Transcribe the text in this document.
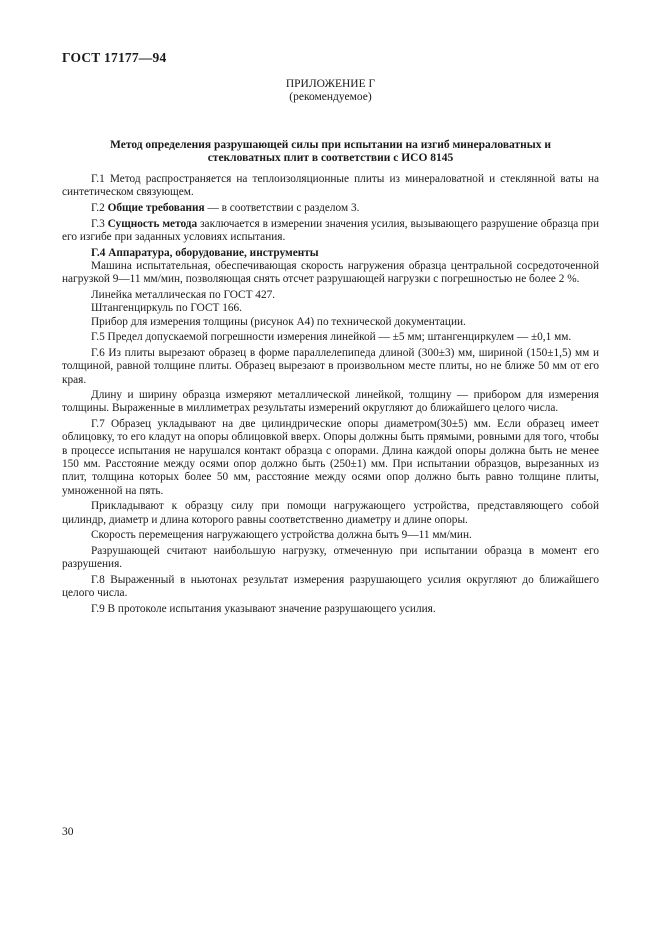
ГОСТ 17177—94
ПРИЛОЖЕНИЕ Г
(рекомендуемое)
Метод определения разрушающей силы при испытании на изгиб минераловатных и стекловатных плит в соответствии с ИСО 8145

Г.1 Метод распространяется на теплоизоляционные плиты из минераловатной и стеклянной ваты на синтетическом связующем.

Г.2 Общие требования — в соответствии с разделом 3.

Г.3 Сущность метода заключается в измерении значения усилия, вызывающего разрушение образца при его изгибе при заданных условиях испытания.

Г.4 Аппаратура, оборудование, инструменты

Машина испытательная, обеспечивающая скорость нагружения образца центральной сосредоточенной нагрузкой 9—11 мм/мин, позволяющая снять отсчет разрушающей нагрузки с погрешностью не более 2 %.

Линейка металлическая по ГОСТ 427.

Штангенциркуль по ГОСТ 166.

Прибор для измерения толщины (рисунок А4) по технической документации.

Г.5 Предел допускаемой погрешности измерения линейкой — ±5 мм; штангенциркулем — ±0,1 мм.

Г.6 Из плиты вырезают образец в форме параллелепипеда длиной (300±3) мм, шириной (150±1,5) мм и толщиной, равной толщине плиты. Образец вырезают в произвольном месте плиты, но не ближе 50 мм от его края.

Длину и ширину образца измеряют металлической линейкой, толщину — прибором для измерения толщины. Выраженные в миллиметрах результаты измерений округляют до ближайшего целого числа.

Г.7 Образец укладывают на две цилиндрические опоры диаметром(30±5) мм. Если образец имеет облицовку, то его кладут на опоры облицовкой вверх. Опоры должны быть прямыми, ровными для того, чтобы в процессе испытания не нарушался контакт образца с опорами. Длина каждой опоры должна быть не менее 150 мм. Расстояние между осями опор должно быть (250±1) мм. При испытании образцов, вырезанных из плит, толщина которых более 50 мм, расстояние между осями опор должно быть равно толщине плиты, умноженной на пять.

Прикладывают к образцу силу при помощи нагружающего устройства, представляющего собой цилиндр, диаметр и длина которого равны соответственно диаметру и длине опоры.

Скорость перемещения нагружающего устройства должна быть 9—11 мм/мин.

Разрушающей считают наибольшую нагрузку, отмеченную при испытании образца в момент его разрушения.

Г.8 Выраженный в ньютонах результат измерения разрушающего усилия округляют до ближайшего целого числа.

Г.9 В протоколе испытания указывают значение разрушающего усилия.

30
